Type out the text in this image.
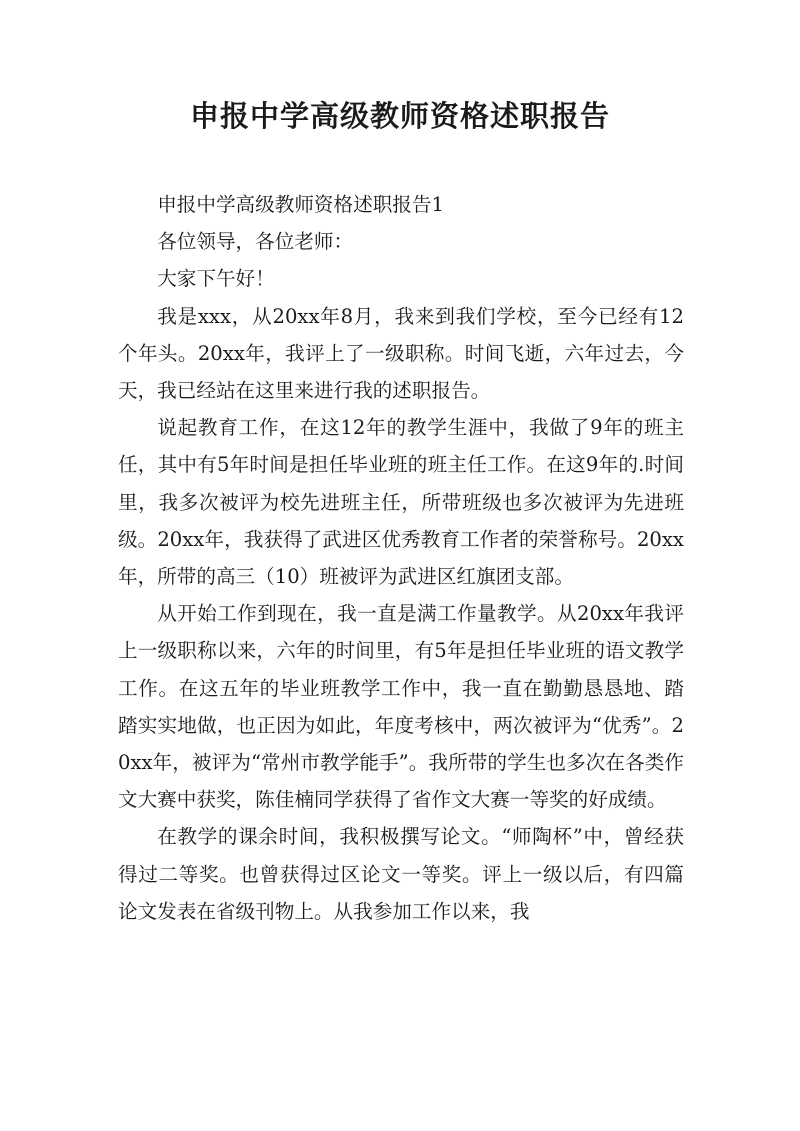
申报中学高级教师资格述职报告

申报中学高级教师资格述职报告1

各位领导，各位老师：

大家下午好！

我是xxx，从20xx年8月，我来到我们学校，至今已经有12个年头。20xx年，我评上了一级职称。时间飞逝，六年过去，今天，我已经站在这里来进行我的述职报告。

说起教育工作，在这12年的教学生涯中，我做了9年的班主任，其中有5年时间是担任毕业班的班主任工作。在这9年的.时间里，我多次被评为校先进班主任，所带班级也多次被评为先进班级。20xx年，我获得了武进区优秀教育工作者的荣誉称号。20xx年，所带的高三（10）班被评为武进区红旗团支部。

从开始工作到现在，我一直是满工作量教学。从20xx年我评上一级职称以来，六年的时间里，有5年是担任毕业班的语文教学工作。在这五年的毕业班教学工作中，我一直在勤勤恳恳地、踏踏实实地做，也正因为如此，年度考核中，两次被评为“优秀”。20xx年，被评为“常州市教学能手”。我所带的学生也多次在各类作文大赛中获奖，陈佳楠同学获得了省作文大赛一等奖的好成绩。

在教学的课余时间，我积极撰写论文。“师陶杯”中，曾经获得过二等奖。也曾获得过区论文一等奖。评上一级以后，有四篇论文发表在省级刊物上。从我参加工作以来，我
